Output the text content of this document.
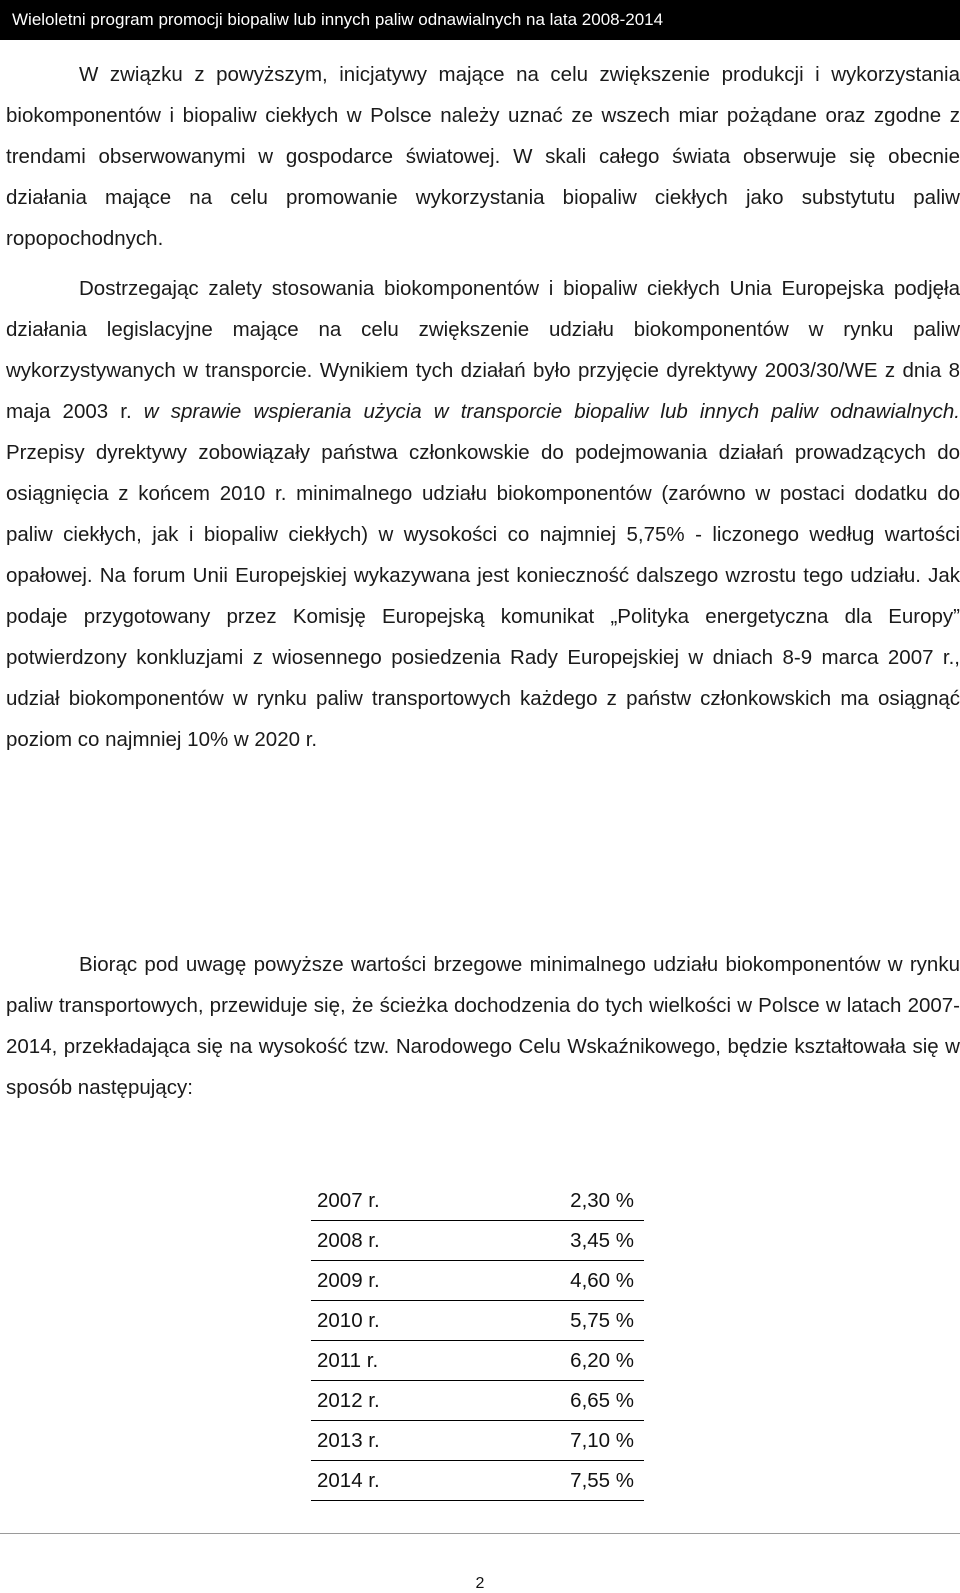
Wieloletni program promocji biopaliw lub innych paliw odnawialnych na lata 2008-2014

W związku z powyższym, inicjatywy mające na celu zwiększenie produkcji i wykorzystania biokomponentów i biopaliw ciekłych w Polsce należy uznać ze wszech miar pożądane oraz zgodne z trendami obserwowanymi w gospodarce światowej. W skali całego świata obserwuje się obecnie działania mające na celu promowanie wykorzystania biopaliw ciekłych jako substytutu paliw ropopochodnych.

Dostrzegając zalety stosowania biokomponentów i biopaliw ciekłych Unia Europejska podjęła działania legislacyjne mające na celu zwiększenie udziału biokomponentów w rynku paliw wykorzystywanych w transporcie. Wynikiem tych działań było przyjęcie dyrektywy 2003/30/WE z dnia 8 maja 2003 r. w sprawie wspierania użycia w transporcie biopaliw lub innych paliw odnawialnych. Przepisy dyrektywy zobowiązały państwa członkowskie do podejmowania działań prowadzących do osiągnięcia z końcem 2010 r. minimalnego udziału biokomponentów (zarówno w postaci dodatku do paliw ciekłych, jak i biopaliw ciekłych) w wysokości co najmniej 5,75% - liczonego według wartości opałowej. Na forum Unii Europejskiej wykazywana jest konieczność dalszego wzrostu tego udziału. Jak podaje przygotowany przez Komisję Europejską komunikat „Polityka energetyczna dla Europy” potwierdzony konkluzjami z wiosennego posiedzenia Rady Europejskiej w dniach 8-9 marca 2007 r., udział biokomponentów w rynku paliw transportowych każdego z państw członkowskich ma osiągnąć poziom co najmniej 10% w 2020 r.

Biorąc pod uwagę powyższe wartości brzegowe minimalnego udziału biokomponentów w rynku paliw transportowych, przewiduje się, że ścieżka dochodzenia do tych wielkości w Polsce w latach 2007-2014, przekładająca się na wysokość tzw. Narodowego Celu Wskaźnikowego, będzie kształtowała się w sposób następujący:

2007 r.	2,30 %
2008 r.	3,45 %
2009 r.	4,60 %
2010 r.	5,75 %
2011 r.	6,20 %
2012 r.	6,65 %
2013 r.	7,10 %
2014 r.	7,55 %
2
